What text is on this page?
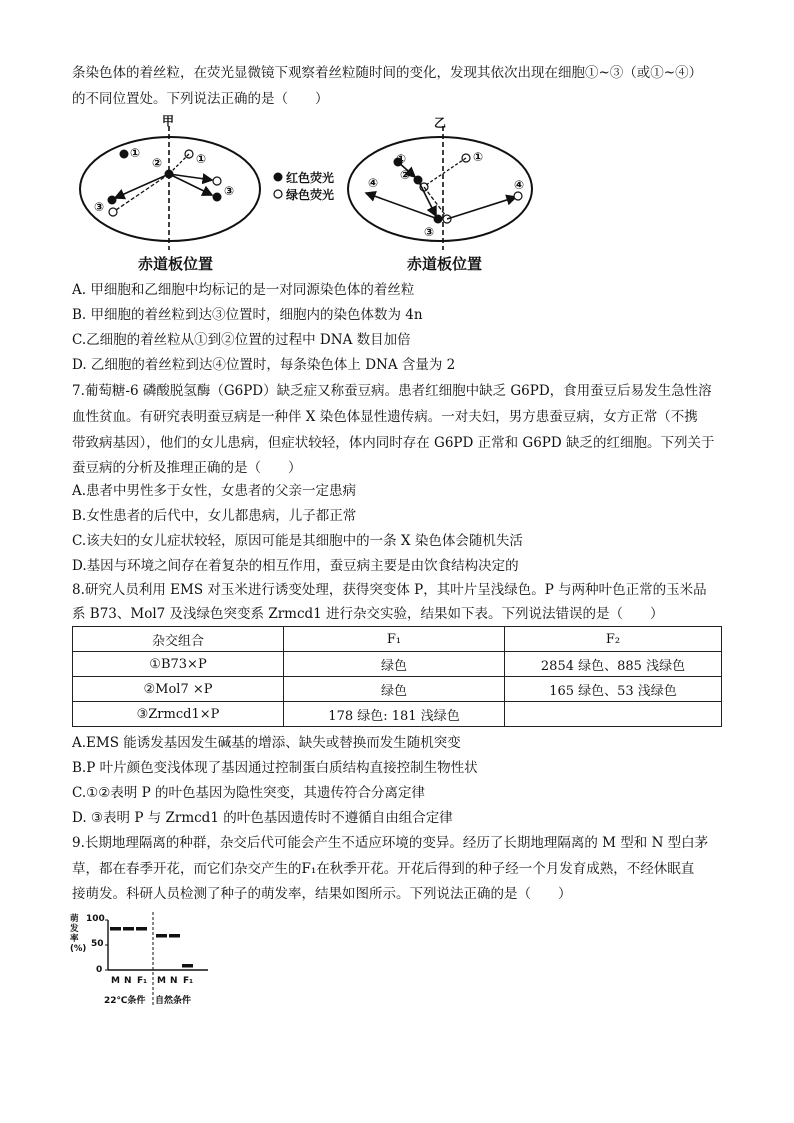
条染色体的着丝粒，在荧光显微镜下观察着丝粒随时间的变化，发现其依次出现在细胞①~③（或①~④）
的不同位置处。下列说法正确的是（　　）
甲	乙
①
②	①
③
③
红色荧光
绿色荧光
①	①
②
④	④
③
赤道板位置	赤道板位置
A. 甲细胞和乙细胞中均标记的是一对同源染色体的着丝粒
B. 甲细胞的着丝粒到达③位置时，细胞内的染色体数为 4n
C.乙细胞的着丝粒从①到②位置的过程中 DNA 数目加倍
D. 乙细胞的着丝粒到达④位置时，每条染色体上 DNA 含量为 2
7.葡萄糖-6 磷酸脱氢酶（G6PD）缺乏症又称蚕豆病。患者红细胞中缺乏 G6PD，食用蚕豆后易发生急性溶
血性贫血。有研究表明蚕豆病是一种伴 X 染色体显性遗传病。一对夫妇，男方患蚕豆病，女方正常（不携
带致病基因），他们的女儿患病，但症状较轻，体内同时存在 G6PD 正常和 G6PD 缺乏的红细胞。下列关于
蚕豆病的分析及推理正确的是（　　）
A.患者中男性多于女性，女患者的父亲一定患病
B.女性患者的后代中，女儿都患病，儿子都正常
C.该夫妇的女儿症状较轻，原因可能是其细胞中的一条 X 染色体会随机失活
D.基因与环境之间存在着复杂的相互作用，蚕豆病主要是由饮食结构决定的
8.研究人员利用 EMS 对玉米进行诱变处理，获得突变体 P，其叶片呈浅绿色。P 与两种叶色正常的玉米品
系 B73、Mol7 及浅绿色突变系 Zrmcd1 进行杂交实验，结果如下表。下列说法错误的是（　　）
杂交组合	F₁	F₂
①B73×P	绿色	2854 绿色、885 浅绿色
②Mol7 ×P	绿色	165 绿色、53 浅绿色
③Zrmcd1×P	178 绿色: 181 浅绿色	
A.EMS 能诱发基因发生碱基的增添、缺失或替换而发生随机突变
B.P 叶片颜色变浅体现了基因通过控制蛋白质结构直接控制生物性状
C.①②表明 P 的叶色基因为隐性突变，其遗传符合分离定律
D. ③表明 P 与 Zrmcd1 的叶色基因遗传时不遵循自由组合定律
9.长期地理隔离的种群，杂交后代可能会产生不适应环境的变异。经历了长期地理隔离的 M 型和 N 型白茅
草，都在春季开花，而它们杂交产生的F₁在秋季开花。开花后得到的种子经一个月发育成熟，不经休眠直
接萌发。科研人员检测了种子的萌发率，结果如图所示。下列说法正确的是（　　）
萌发率(%)
100
50
0
M N F₁ M N F₁
22℃条件 自然条件
